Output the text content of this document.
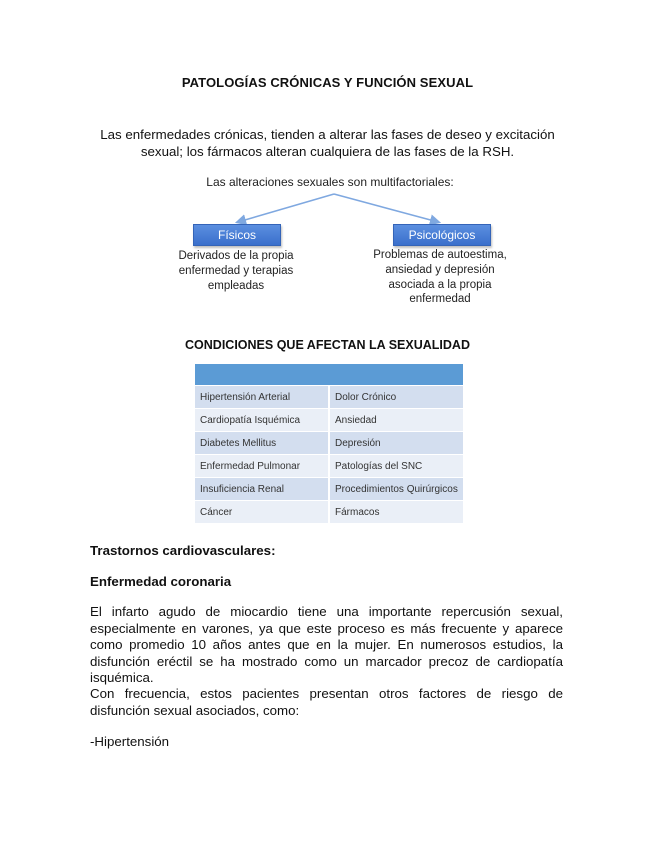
PATOLOGÍAS CRÓNICAS Y FUNCIÓN SEXUAL
Las enfermedades crónicas, tienden a alterar las fases de deseo y excitación sexual; los fármacos alteran cualquiera de las fases de la RSH.
Las alteraciones sexuales son multifactoriales:
Físicos
Derivados de la propia enfermedad y terapias empleadas
Psicológicos
Problemas de autoestima, ansiedad y depresión asociada a la propia enfermedad
CONDICIONES QUE AFECTAN LA SEXUALIDAD

Hipertensión Arterial	Dolor Crónico
Cardiopatía Isquémica	Ansiedad
Diabetes Mellitus	Depresión
Enfermedad Pulmonar	Patologías del SNC
Insuficiencia Renal	Procedimientos Quirúrgicos
Cáncer	Fármacos
Trastornos cardiovasculares:
Enfermedad coronaria
El infarto agudo de miocardio tiene una importante repercusión sexual, especialmente en varones, ya que este proceso es más frecuente y aparece como promedio 10 años antes que en la mujer. En numerosos estudios, la disfunción eréctil se ha mostrado como un marcador precoz de cardiopatía isquémica.
Con frecuencia, estos pacientes presentan otros factores de riesgo de disfunción sexual asociados, como:
-Hipertensión
